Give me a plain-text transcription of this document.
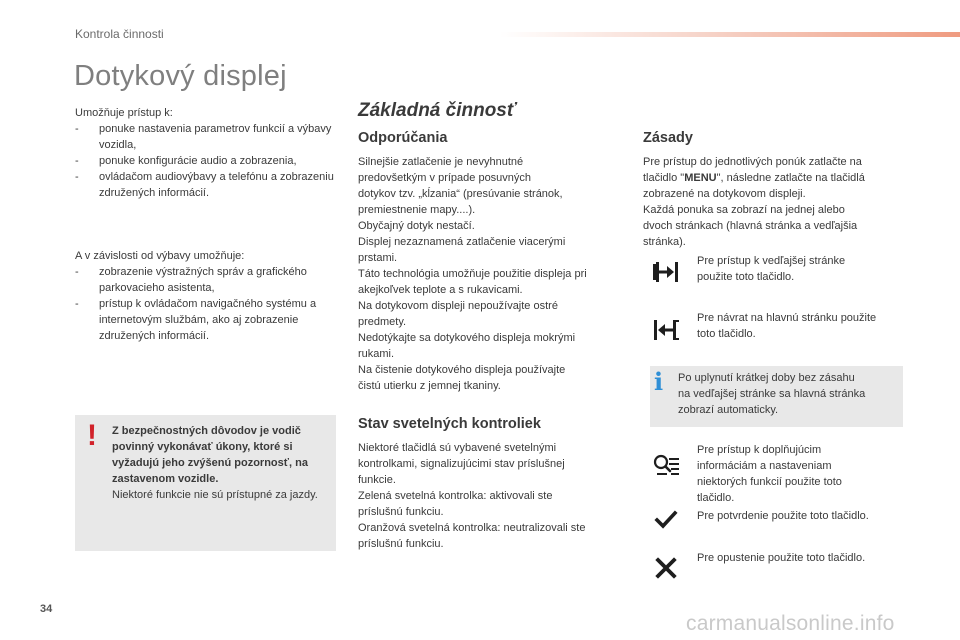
Kontrola činnosti
Dotykový displej

Umožňuje prístup k:

- ponuke nastavenia parametrov funkcií a výbavy vozidla,
- ponuke konfigurácie audio a zobrazenia,
- ovládačom audiovýbavy a telefónu a zobrazeniu združených informácií.

A v závislosti od výbavy umožňuje:

- zobrazenie výstražných správ a grafického parkovacieho asistenta,
- prístup k ovládačom navigačného systému a internetovým službám, ako aj zobrazenie združených informácií.
! Z bezpečnostných dôvodov je vodič povinný vykonávať úkony, ktoré si vyžadujú jeho zvýšenú pozornosť, na zastavenom vozidle.

Niektoré funkcie nie sú prístupné za jazdy.

Základná činnosť
Odporúčania

Silnejšie zatlačenie je nevyhnutné

predovšetkým v prípade posuvných

dotykov tzv. „kĺzania“ (presúvanie stránok,

premiestnenie mapy....).

Obyčajný dotyk nestačí.

Displej nezaznamená zatlačenie viacerými

prstami.

Táto technológia umožňuje použitie displeja pri

akejkoľvek teplote a s rukavicami.

Na dotykovom displeji nepoužívajte ostré

predmety.

Nedotýkajte sa dotykového displeja mokrými

rukami.

Na čistenie dotykového displeja používajte

čistú utierku z jemnej tkaniny.

Stav svetelných kontroliek

Niektoré tlačidlá sú vybavené svetelnými

kontrolkami, signalizujúcimi stav príslušnej

funkcie.

Zelená svetelná kontrolka: aktivovali ste

príslušnú funkciu.

Oranžová svetelná kontrolka: neutralizovali ste

príslušnú funkciu.

Zásady

Pre prístup do jednotlivých ponúk zatlačte na

tlačidlo "MENU", následne zatlačte na tlačidlá

zobrazené na dotykovom displeji.

Každá ponuka sa zobrazí na jednej alebo

dvoch stránkach (hlavná stránka a vedľajšia

stránka).

Pre prístup k vedľajšej stránke

použite toto tlačidlo.

Pre návrat na hlavnú stránku použite

toto tlačidlo.

i Po uplynutí krátkej doby bez zásahu

na vedľajšej stránke sa hlavná stránka

zobrazí automaticky.

Pre prístup k doplňujúcim

informáciám a nastaveniam

niektorých funkcií použite toto

tlačidlo.

Pre potvrdenie použite toto tlačidlo.

Pre opustenie použite toto tlačidlo.

34
carmanualsonline.info
